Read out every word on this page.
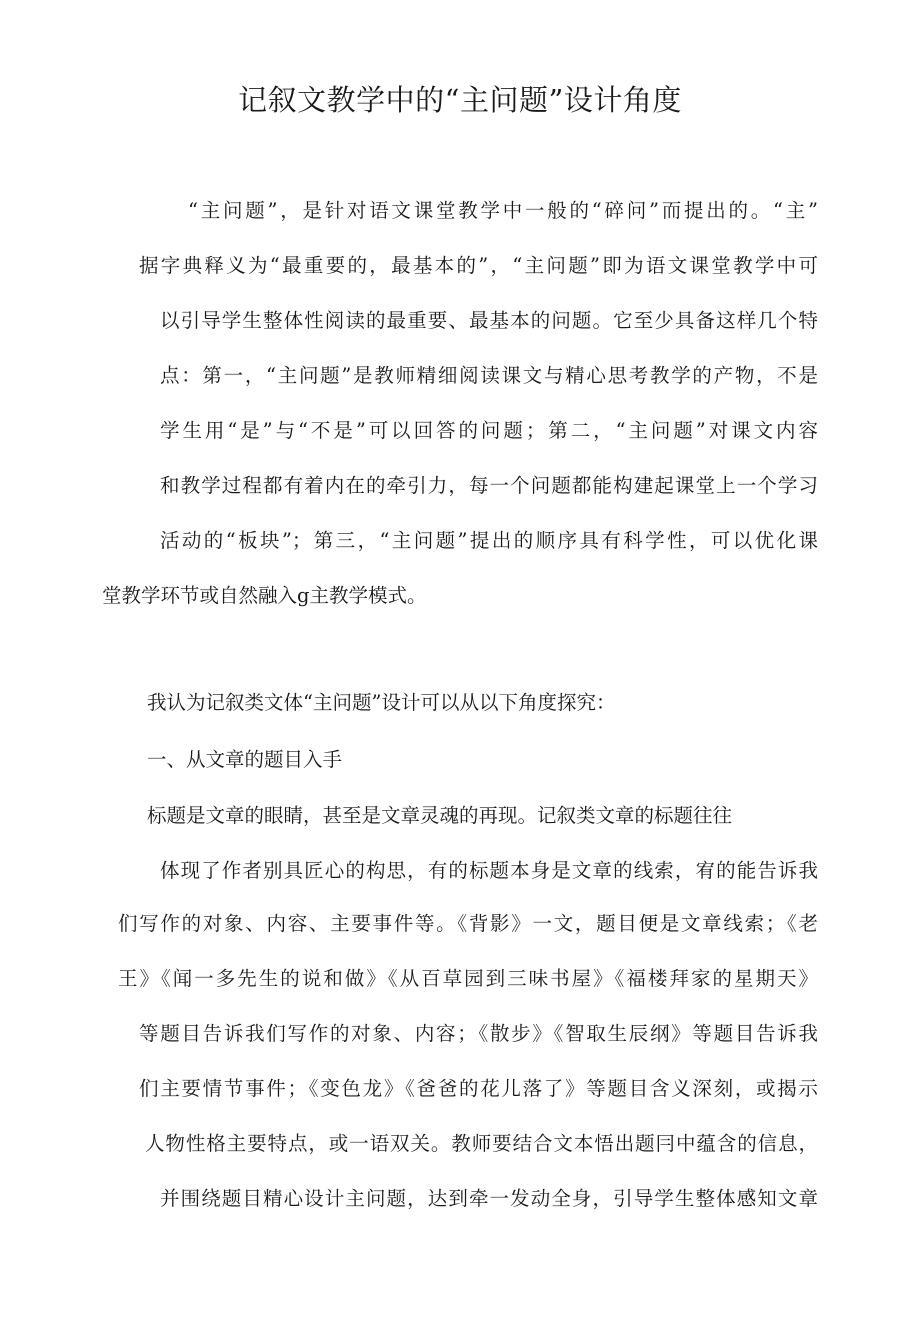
记叙文教学中的“主问题”设计角度
“主问题”，是针对语文课堂教学中一般的“碎问”而提出的。“主”
据字典释义为“最重要的，最基本的”，“主问题”即为语文课堂教学中可
以引导学生整体性阅读的最重要、最基本的问题。它至少具备这样几个特
点：第一，“主问题”是教师精细阅读课文与精心思考教学的产物，不是
学生用“是”与“不是”可以回答的问题；第二，“主问题”对课文内容
和教学过程都有着内在的牵引力，每一个问题都能构建起课堂上一个学习
活动的“板块”；第三，“主问题”提出的顺序具有科学性，可以优化课
堂教学环节或自然融入g主教学模式。
我认为记叙类文体“主问题”设计可以从以下角度探究：
一、从文章的题目入手
标题是文章的眼睛，甚至是文章灵魂的再现。记叙类文章的标题往往
体现了作者别具匠心的构思，有的标题本身是文章的线索，宥的能告诉我
们写作的对象、内容、主要事件等。《背影》一文，题目便是文章线索；《老
王》《闻一多先生的说和做》《从百草园到三味书屋》《福楼拜家的星期天》
等题目告诉我们写作的对象、内容；《散步》《智取生辰纲》等题目告诉我
们主要情节事件；《变色龙》《爸爸的花儿落了》等题目含义深刻，或揭示
人物性格主要特点，或一语双关。教师要结合文本悟出题冃中蕴含的信息，
并围绕题目精心设计主问题，达到牵一发动全身，引导学生整体感知文章
